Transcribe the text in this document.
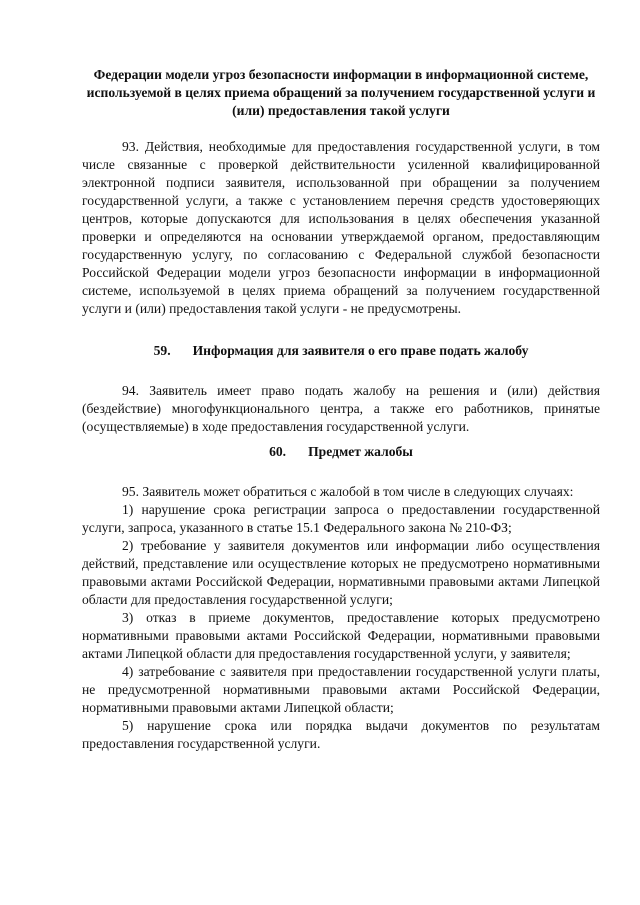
Федерации модели угроз безопасности информации в информационной системе, используемой в целях приема обращений за получением государственной услуги и (или) предоставления такой услуги

93. Действия, необходимые для предоставления государственной услуги, в том числе связанные с проверкой действительности усиленной квалифицированной электронной подписи заявителя, использованной при обращении за получением государственной услуги, а также с установлением перечня средств удостоверяющих центров, которые допускаются для использования в целях обеспечения указанной проверки и определяются на основании утверждаемой органом, предоставляющим государственную услугу, по согласованию с Федеральной службой безопасности Российской Федерации модели угроз безопасности информации в информационной системе, используемой в целях приема обращений за получением государственной услуги и (или) предоставления такой услуги - не предусмотрены.

59. Информация для заявителя о его праве подать жалобу

94. Заявитель имеет право подать жалобу на решения и (или) действия (бездействие) многофункционального центра, а также его работников, принятые (осуществляемые) в ходе предоставления государственной услуги.

60. Предмет жалобы

95. Заявитель может обратиться с жалобой в том числе в следующих случаях:

1) нарушение срока регистрации запроса о предоставлении государственной услуги, запроса, указанного в статье 15.1 Федерального закона № 210-ФЗ;

2) требование у заявителя документов или информации либо осуществления действий, представление или осуществление которых не предусмотрено нормативными правовыми актами Российской Федерации, нормативными правовыми актами Липецкой области для предоставления государственной услуги;

3) отказ в приеме документов, предоставление которых предусмотрено нормативными правовыми актами Российской Федерации, нормативными правовыми актами Липецкой области для предоставления государственной услуги, у заявителя;

4) затребование с заявителя при предоставлении государственной услуги платы, не предусмотренной нормативными правовыми актами Российской Федерации, нормативными правовыми актами Липецкой области;

5) нарушение срока или порядка выдачи документов по результатам предоставления государственной услуги.
